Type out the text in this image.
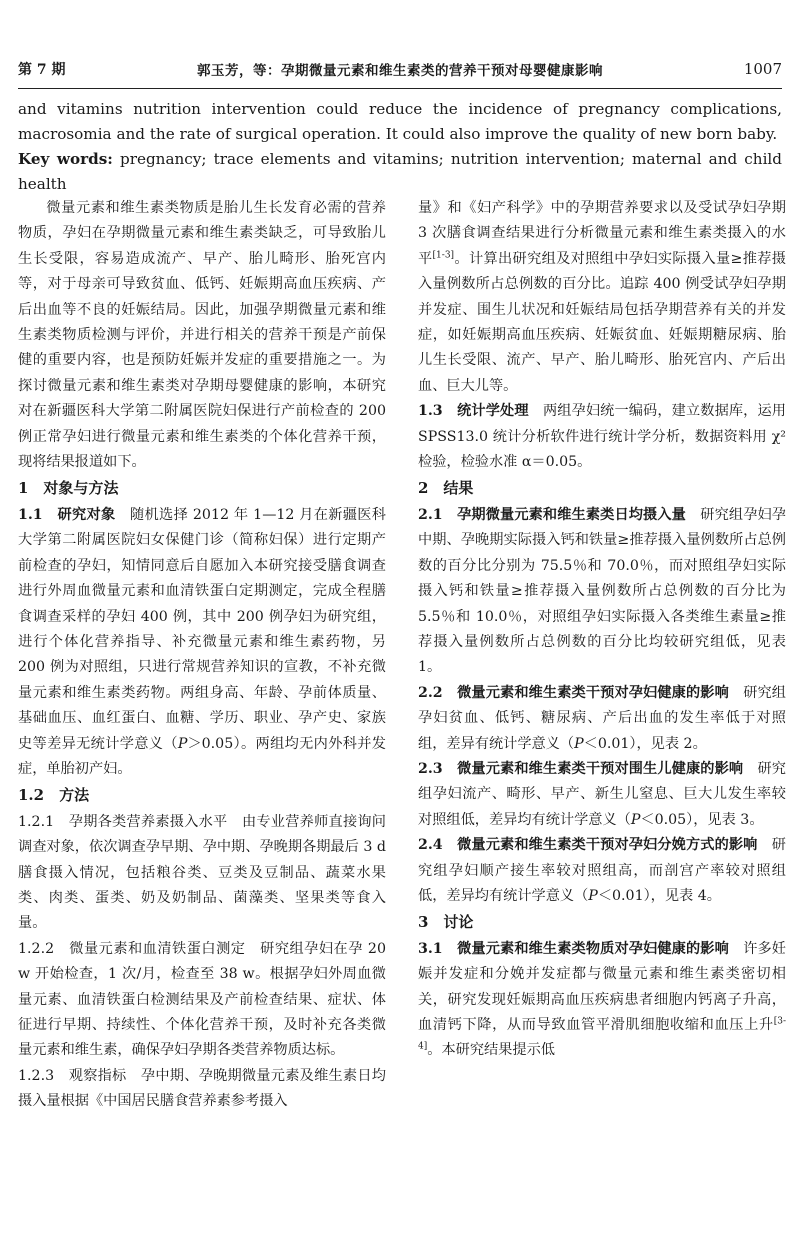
第 7 期	郭玉芳，等：孕期微量元素和维生素类的营养干预对母婴健康影响	1007
and vitamins nutrition intervention could reduce the incidence of pregnancy complications, macrosomia and the rate of surgical operation. It could also improve the quality of new born baby.
Key words: pregnancy; trace elements and vitamins; nutrition intervention; maternal and child health

微量元素和维生素类物质是胎儿生长发育必需的营养物质，孕妇在孕期微量元素和维生素类缺乏，可导致胎儿生长受限，容易造成流产、早产、胎儿畸形、胎死宫内等，对于母亲可导致贫血、低钙、妊娠期高血压疾病、产后出血等不良的妊娠结局。因此，加强孕期微量元素和维生素类物质检测与评价，并进行相关的营养干预是产前保健的重要内容，也是预防妊娠并发症的重要措施之一。为探讨微量元素和维生素类对孕期母婴健康的影响，本研究对在新疆医科大学第二附属医院妇保进行产前检查的 200 例正常孕妇进行微量元素和维生素类的个体化营养干预，现将结果报道如下。

1　对象与方法

1.1　研究对象　 随机选择 2012 年 1—12 月在新疆医科大学第二附属医院妇女保健门诊（简称妇保）进行定期产前检查的孕妇，知情同意后自愿加入本研究接受膳食调查进行外周血微量元素和血清铁蛋白定期测定，完成全程膳食调查采样的孕妇 400 例，其中 200 例孕妇为研究组，进行个体化营养指导、补充微量元素和维生素药物，另 200 例为对照组，只进行常规营养知识的宣教，不补充微量元素和维生素类药物。两组身高、年龄、孕前体质量、基础血压、血红蛋白、血糖、学历、职业、孕产史、家族史等差异无统计学意义（P＞0.05）。两组均无内外科并发症，单胎初产妇。

1.2　方法

1.2.1　孕期各类营养素摄入水平　 由专业营养师直接询问调查对象，依次调查孕早期、孕中期、孕晚期各期最后 3 d 膳食摄入情况，包括粮谷类、豆类及豆制品、蔬菜水果类、肉类、蛋类、奶及奶制品、菌藻类、坚果类等食入量。

1.2.2　微量元素和血清铁蛋白测定　 研究组孕妇在孕 20 w 开始检查，1 次/月，检查至 38 w。根据孕妇外周血微量元素、血清铁蛋白检测结果及产前检查结果、症状、体征进行早期、持续性、个体化营养干预，及时补充各类微量元素和维生素，确保孕妇孕期各类营养物质达标。

1.2.3　观察指标　 孕中期、孕晚期微量元素及维生素日均摄入量根据《中国居民膳食营养素参考摄入

量》和《妇产科学》中的孕期营养要求以及受试孕妇孕期 3 次膳食调查结果进行分析微量元素和维生素类摄入的水平[1-3]。计算出研究组及对照组中孕妇实际摄入量≥推荐摄入量例数所占总例数的百分比。追踪 400 例受试孕妇孕期并发症、围生儿状况和妊娠结局包括孕期营养有关的并发症，如妊娠期高血压疾病、妊娠贫血、妊娠期糖尿病、胎儿生长受限、流产、早产、胎儿畸形、胎死宫内、产后出血、巨大儿等。

1.3　统计学处理　 两组孕妇统一编码，建立数据库，运用 SPSS13.0 统计分析软件进行统计学分析，数据资料用 χ² 检验，检验水准 α＝0.05。

2　结果

2.1　孕期微量元素和维生素类日均摄入量　 研究组孕妇孕中期、孕晚期实际摄入钙和铁量≥推荐摄入量例数所占总例数的百分比分别为 75.5％和 70.0％，而对照组孕妇实际摄入钙和铁量≥推荐摄入量例数所占总例数的百分比为 5.5％和 10.0％，对照组孕妇实际摄入各类维生素量≥推荐摄入量例数所占总例数的百分比均较研究组低，见表 1。

2.2　微量元素和维生素类干预对孕妇健康的影响　 研究组孕妇贫血、低钙、糖尿病、产后出血的发生率低于对照组，差异有统计学意义（P＜0.01），见表 2。

2.3　微量元素和维生素类干预对围生儿健康的影响　 研究组孕妇流产、畸形、早产、新生儿窒息、巨大儿发生率较对照组低，差异均有统计学意义（P＜0.05），见表 3。

2.4　微量元素和维生素类干预对孕妇分娩方式的影响　 研究组孕妇顺产接生率较对照组高，而剖宫产率较对照组低，差异均有统计学意义（P＜0.01），见表 4。

3　讨论

3.1　微量元素和维生素类物质对孕妇健康的影响　 许多妊娠并发症和分娩并发症都与微量元素和维生素类密切相关，研究发现妊娠期高血压疾病患者细胞内钙离子升高，血清钙下降，从而导致血管平滑肌细胞收缩和血压上升[3-4]。本研究结果提示低
